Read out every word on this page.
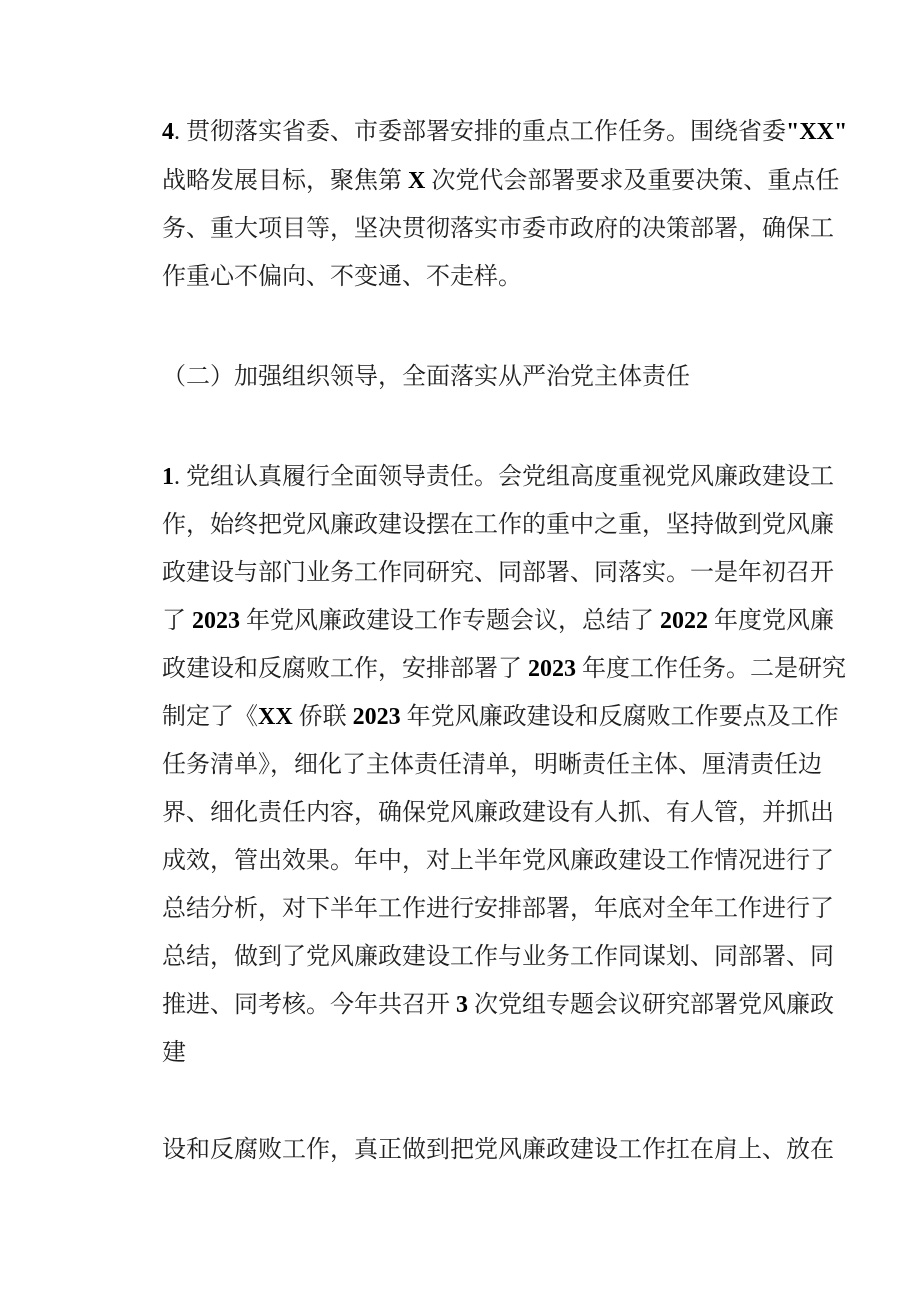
4. 贯彻落实省委、市委部署安排的重点工作任务。围绕省委"XX"
战略发展目标，聚焦第 X 次党代会部署要求及重要决策、重点任
务、重大项目等，坚决贯彻落实市委市政府的决策部署，确保工
作重心不偏向、不变通、不走样。
（二）加强组织领导，全面落实从严治党主体责任
1. 党组认真履行全面领导责任。会党组高度重视党风廉政建设工
作，始终把党风廉政建设摆在工作的重中之重，坚持做到党风廉
政建设与部门业务工作同研究、同部署、同落实。一是年初召开
了 2023 年党风廉政建设工作专题会议，总结了 2022 年度党风廉
政建设和反腐败工作，安排部署了 2023 年度工作任务。二是研究
制定了《XX 侨联 2023 年党风廉政建设和反腐败工作要点及工作
任务清单》，细化了主体责任清单，明晰责任主体、厘清责任边
界、细化责任内容，确保党风廉政建设有人抓、有人管，并抓出
成效，管出效果。年中，对上半年党风廉政建设工作情况进行了
总结分析，对下半年工作进行安排部署，年底对全年工作进行了
总结，做到了党风廉政建设工作与业务工作同谋划、同部署、同
推进、同考核。今年共召开 3 次党组专题会议研究部署党风廉政
建
设和反腐败工作，真正做到把党风廉政建设工作扛在肩上、放在
